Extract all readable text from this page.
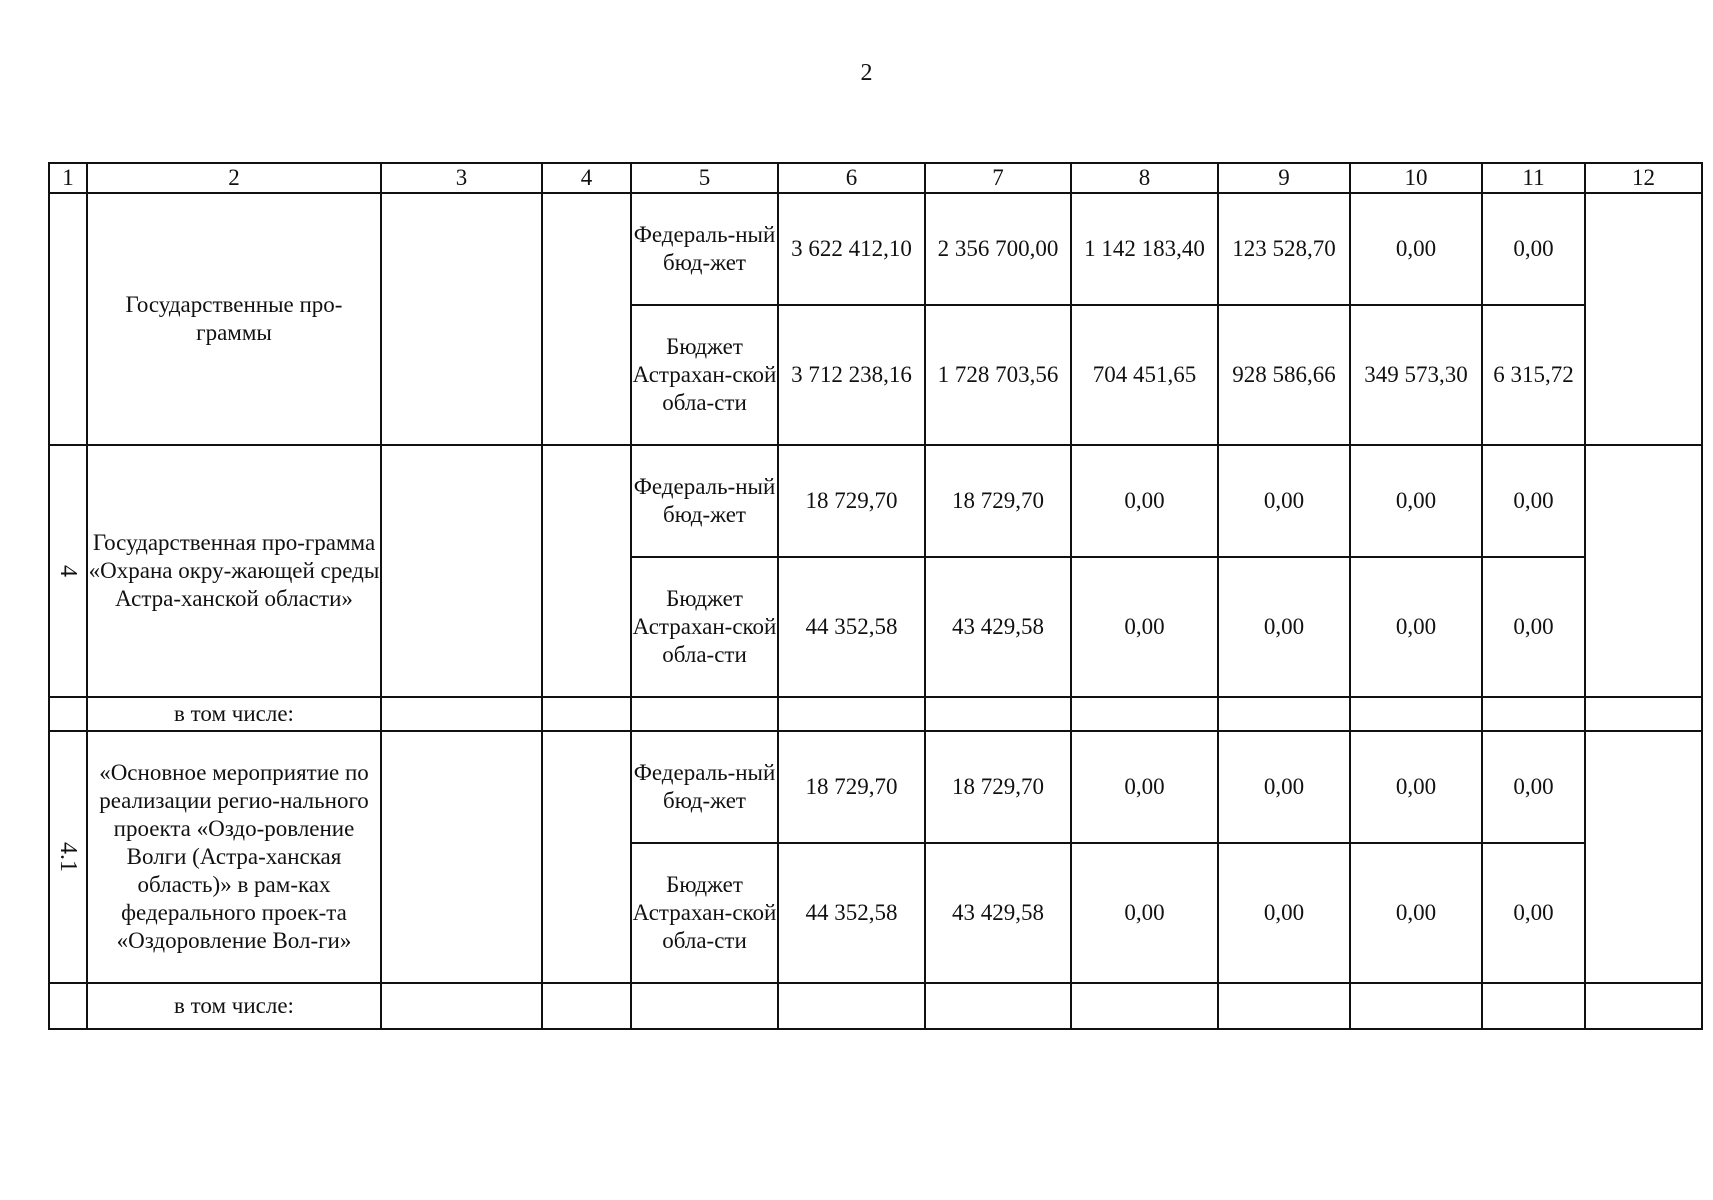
2
1	2	3	4	5	6	7	8	9	10	11	12
	Государственные про-граммы			Федераль-ный бюд-жет	3 622 412,10	2 356 700,00	1 142 183,40	123 528,70	0,00	0,00	
				Бюджет Астрахан-ской обла-сти	3 712 238,16	1 728 703,56	704 451,65	928 586,66	349 573,30	6 315,72	
4	Государственная про-грамма «Охрана окру-жающей среды Астра-ханской области»			Федераль-ный бюд-жет	18 729,70	18 729,70	0,00	0,00	0,00	0,00	
				Бюджет Астрахан-ской обла-сти	44 352,58	43 429,58	0,00	0,00	0,00	0,00	
	в том числе:										
4.1	«Основное мероприятие по реализации регио-нального проекта «Оздо-ровление Волги (Астра-ханская область)» в рам-ках федерального проек-та «Оздоровление Вол-ги»			Федераль-ный бюд-жет	18 729,70	18 729,70	0,00	0,00	0,00	0,00	
				Бюджет Астрахан-ской обла-сти	44 352,58	43 429,58	0,00	0,00	0,00	0,00	
	в том числе:										
